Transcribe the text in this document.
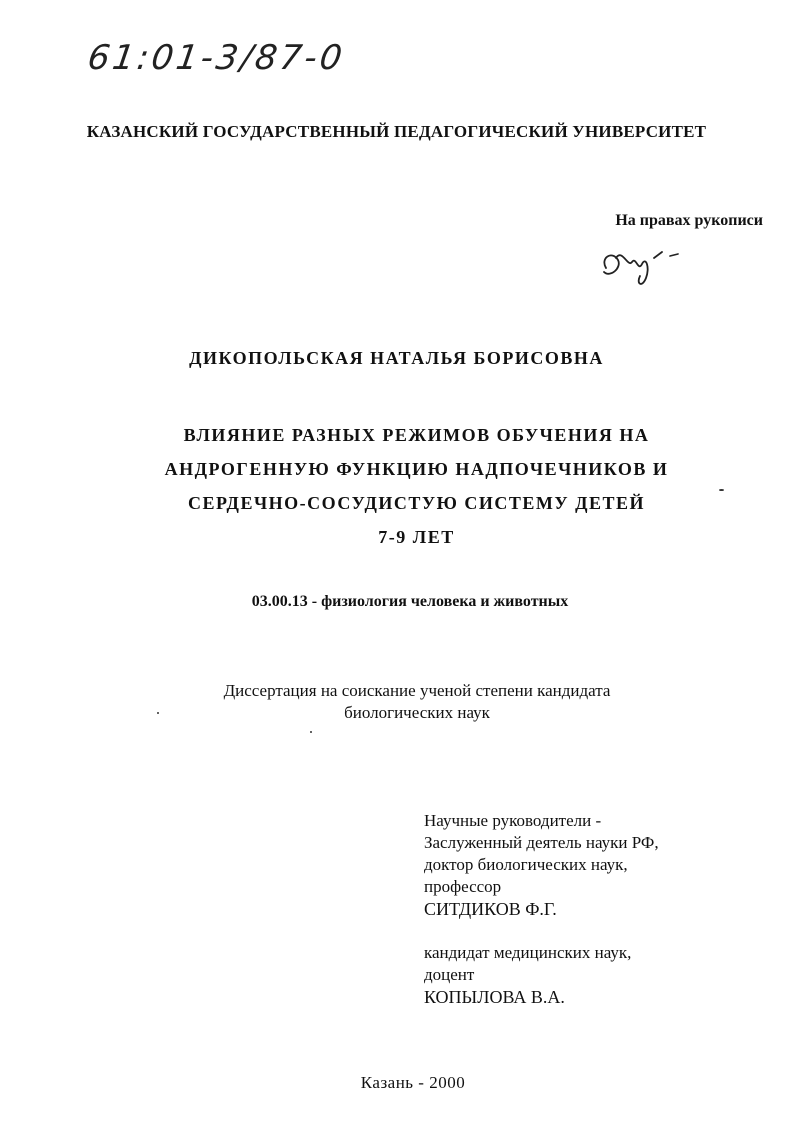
61:01-3/87-0
КАЗАНСКИЙ ГОСУДАРСТВЕННЫЙ ПЕДАГОГИЧЕСКИЙ УНИВЕРСИТЕТ
На правах рукописи
ДИКОПОЛЬСКАЯ НАТАЛЬЯ БОРИСОВНА
ВЛИЯНИЕ РАЗНЫХ РЕЖИМОВ ОБУЧЕНИЯ НА
АНДРОГЕННУЮ ФУНКЦИЮ НАДПОЧЕЧНИКОВ И
СЕРДЕЧНО-СОСУДИСТУЮ СИСТЕМУ ДЕТЕЙ
7-9 ЛЕТ
03.00.13 - физиология человека и животных
Диссертация на соискание ученой степени кандидата
биологических наук
Научные руководители -
Заслуженный деятель науки РФ,
доктор биологических наук,
профессор
СИТДИКОВ Ф.Г.
кандидат медицинских наук,
доцент
КОПЫЛОВА В.А.
Казань - 2000
